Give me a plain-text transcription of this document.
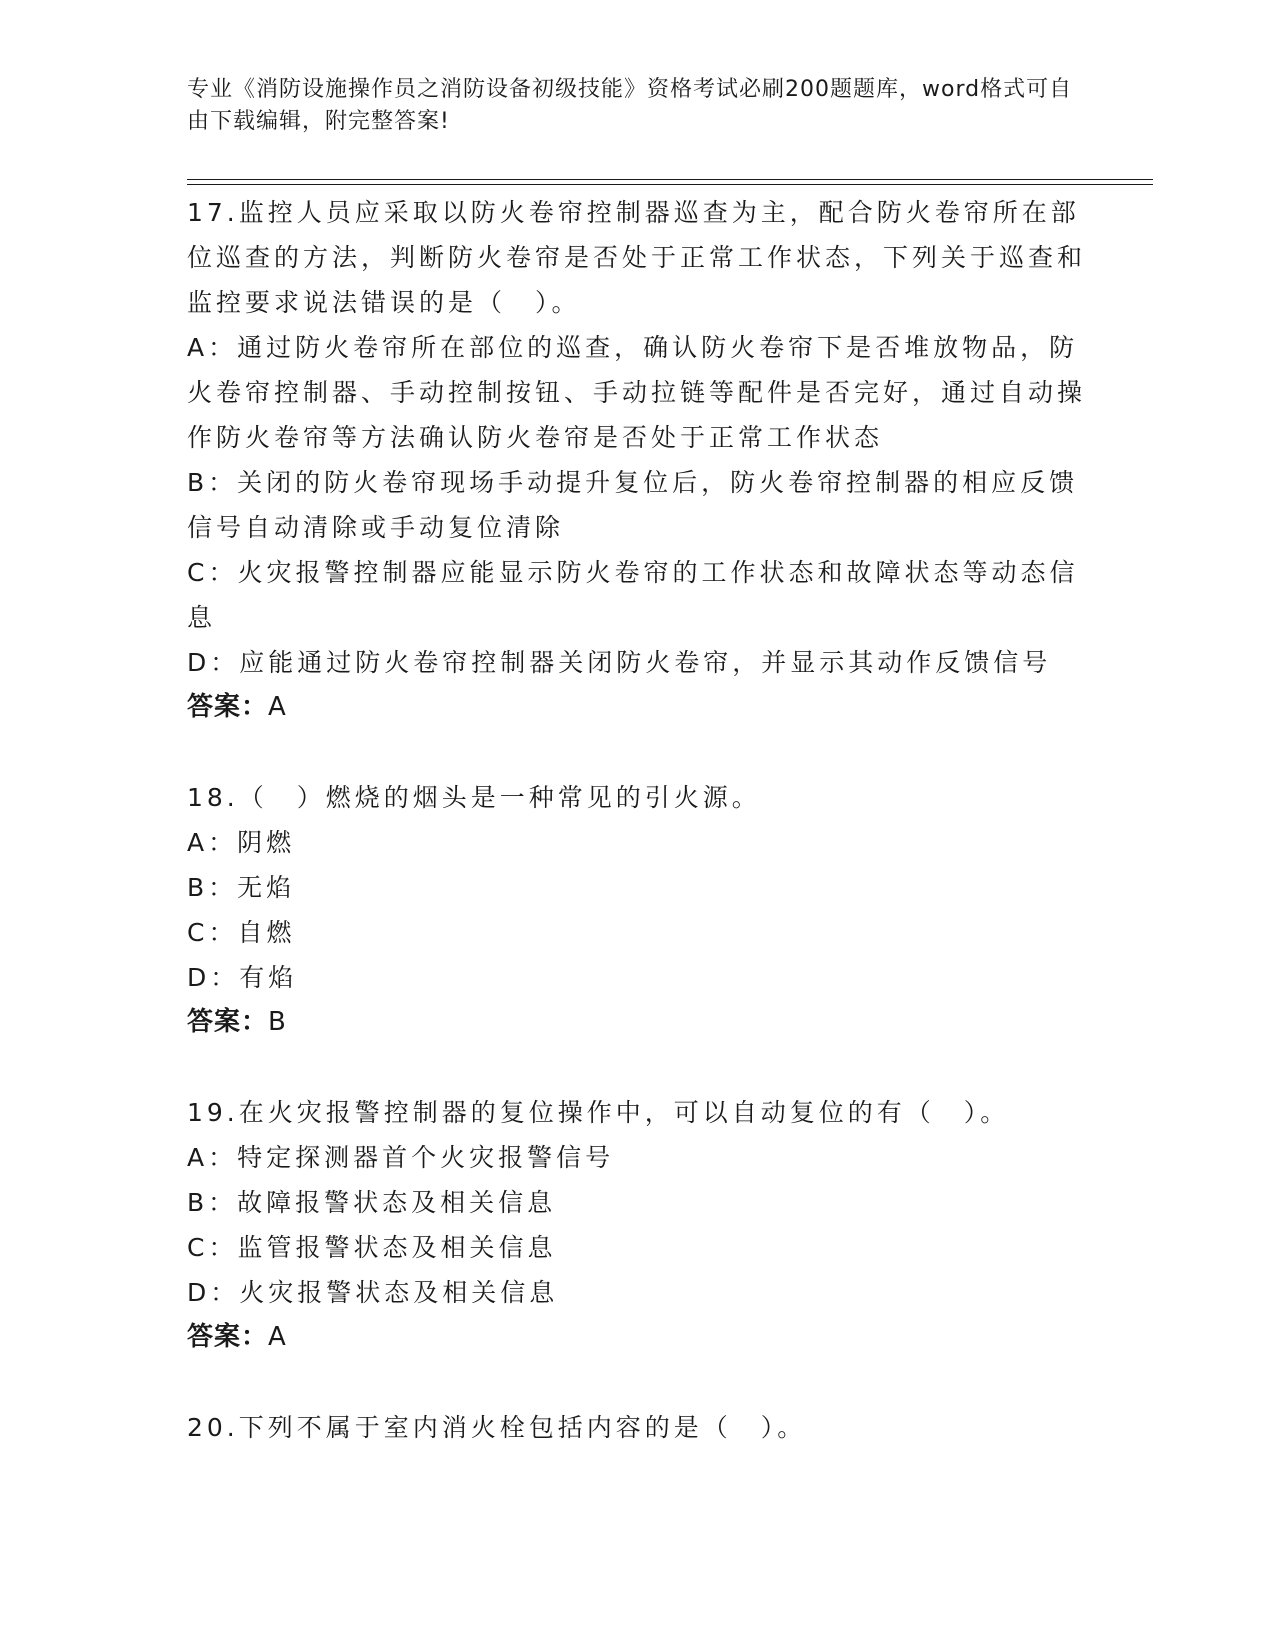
专业《消防设施操作员之消防设备初级技能》资格考试必刷200题题库，word格式可自由下载编辑，附完整答案!

17.监控人员应采取以防火卷帘控制器巡查为主，配合防火卷帘所在部位巡查的方法，判断防火卷帘是否处于正常工作状态，下列关于巡查和监控要求说法错误的是（　）。

A：通过防火卷帘所在部位的巡查，确认防火卷帘下是否堆放物品，防火卷帘控制器、手动控制按钮、手动拉链等配件是否完好，通过自动操作防火卷帘等方法确认防火卷帘是否处于正常工作状态

B：关闭的防火卷帘现场手动提升复位后，防火卷帘控制器的相应反馈信号自动清除或手动复位清除

C：火灾报警控制器应能显示防火卷帘的工作状态和故障状态等动态信息

D：应能通过防火卷帘控制器关闭防火卷帘，并显示其动作反馈信号

答案：A

18.（　）燃烧的烟头是一种常见的引火源。

A：阴燃

B：无焰

C：自燃

D：有焰

答案：B

19.在火灾报警控制器的复位操作中，可以自动复位的有（　）。

A：特定探测器首个火灾报警信号

B：故障报警状态及相关信息

C：监管报警状态及相关信息

D：火灾报警状态及相关信息

答案：A

20.下列不属于室内消火栓包括内容的是（　）。
